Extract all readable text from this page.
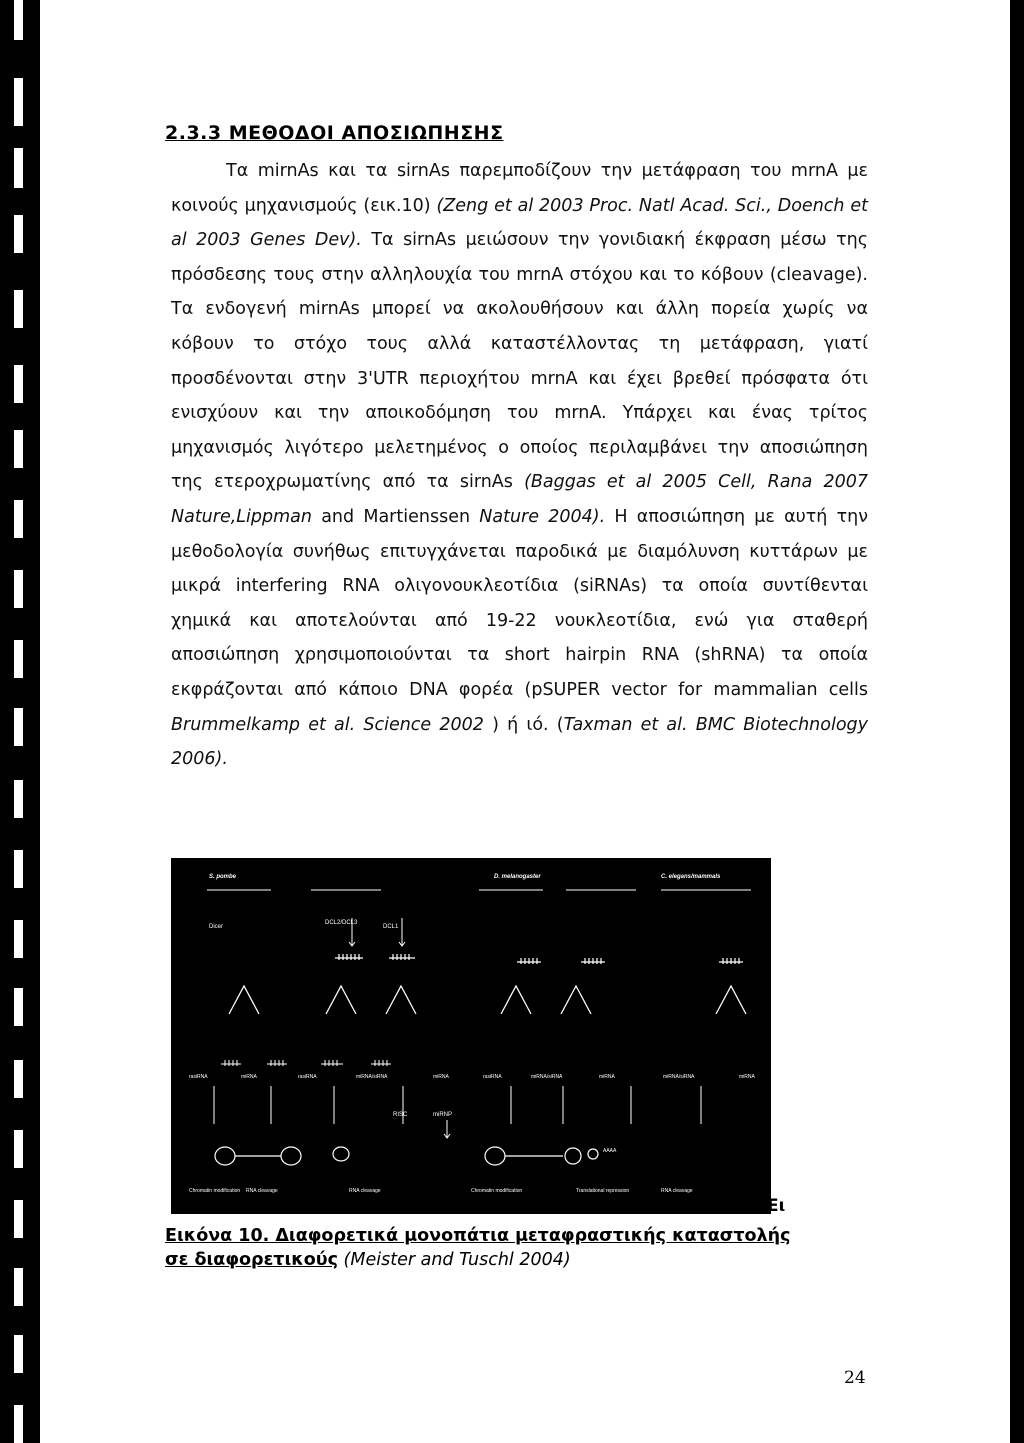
2.3.3 ΜΕΘΟΔΟΙ ΑΠΟΣΙΩΠΗΣΗΣ

Τα mirnAs και τα sirnAs παρεμποδίζουν την μετάφραση του mrnA με κοινούς μηχανισμούς (εικ.10) (Zeng et al 2003 Proc. Natl Acad. Sci., Doench et al 2003 Genes Dev). Τα sirnAs μειώσουν την γονιδιακή έκφραση μέσω της πρόσδεσης τους στην αλληλουχία του mrnA στόχου και το κόβουν (cleavage). Τα ενδογενή mirnAs μπορεί να ακολουθήσουν και άλλη πορεία χωρίς να κόβουν το στόχο τους αλλά καταστέλλοντας τη μετάφραση, γιατί προσδένονται στην 3'UTR περιοχήτου mrnA και έχει βρεθεί πρόσφατα ότι ενισχύουν και την αποικοδόμηση του mrnA. Υπάρχει και ένας τρίτος μηχανισμός λιγότερο μελετημένος ο οποίος περιλαμβάνει την αποσιώπηση της ετεροχρωματίνης από τα sirnAs (Baggas et al 2005 Cell, Rana 2007 Nature,Lippman and Martienssen Nature 2004). Η αποσιώπηση με αυτή την μεθοδολογία συνήθως επιτυγχάνεται παροδικά με διαμόλυνση κυττάρων με μικρά interfering RNA ολιγονουκλεοτίδια (siRNAs) τα οποία συντίθενται χημικά και αποτελούνται από 19-22 νουκλεοτίδια, ενώ για σταθερή αποσιώπηση χρησιμοποιούνται τα short hairpin RNA (shRNA) τα οποία εκφράζονται από κάποιο DNA φορέα (pSUPER vector for mammalian cells Brummelkamp et al. Science 2002 ) ή ιό. (Taxman et al. BMC Biotechnology 2006).

S. pombe	D. melanogaster	C. elegans/mammals
Dicer
DCL2/DCL3
DCL1
rasiRNA	miRNA	rasiRNA	miRNA/siRNA	miRNA	rasiRNA	miRNA/siRNA	miRNA	miRNA/siRNA	miRNA
RISC	miRNP
AAAA
Chromatin modification RNA cleavage	RNA cleavage	Chromatin modification	Translational repression	RNA cleavage
Ει

Εικόνα 10. Διαφορετικά μονοπάτια μεταφραστικής καταστολής σε διαφορετικούς (Meister and Tuschl 2004)

24
